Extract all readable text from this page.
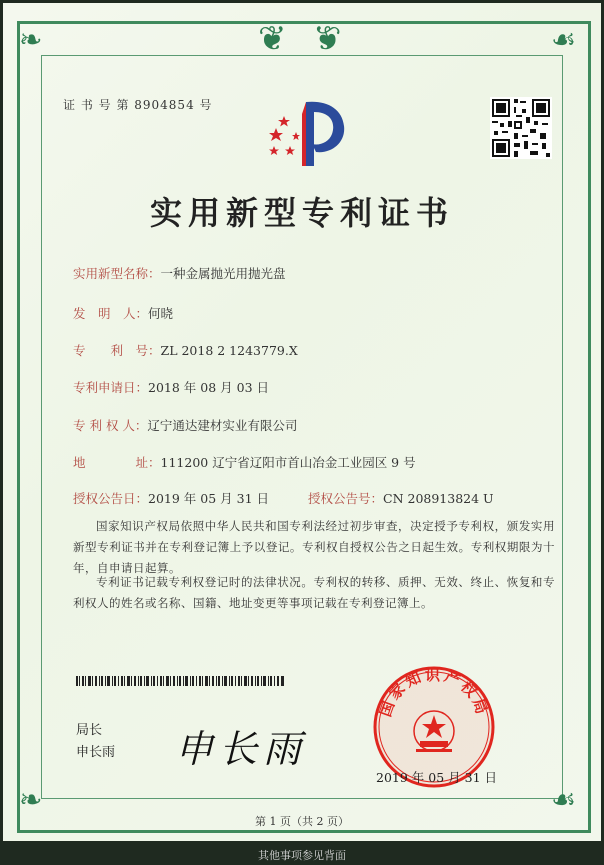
❦ ❦
❧	☙
❧	☙
证 书 号 第 8904854 号
实用新型专利证书
实用新型名称：一种金属抛光用抛光盘
发　明　人：何晓
专　　利　号：ZL 2018 2 1243779.X
专利申请日：2018 年 08 月 03 日
专 利 权 人：辽宁通达建材实业有限公司
地　　　　址：111200 辽宁省辽阳市首山冶金工业园区 9 号
授权公告日：2019 年 05 月 31 日	授权公告号：CN 208913824 U
国家知识产权局依照中华人民共和国专利法经过初步审查，决定授予专利权，颁发实用新型专利证书并在专利登记簿上予以登记。专利权自授权公告之日起生效。专利权期限为十年，自申请日起算。
专利证书记载专利权登记时的法律状况。专利权的转移、质押、无效、终止、恢复和专利权人的姓名或名称、国籍、地址变更等事项记载在专利登记簿上。
局长
申长雨 申长雨
国家知识产权局
2019 年 05 月 31 日
第 1 页（共 2 页）
其他事项参见背面
